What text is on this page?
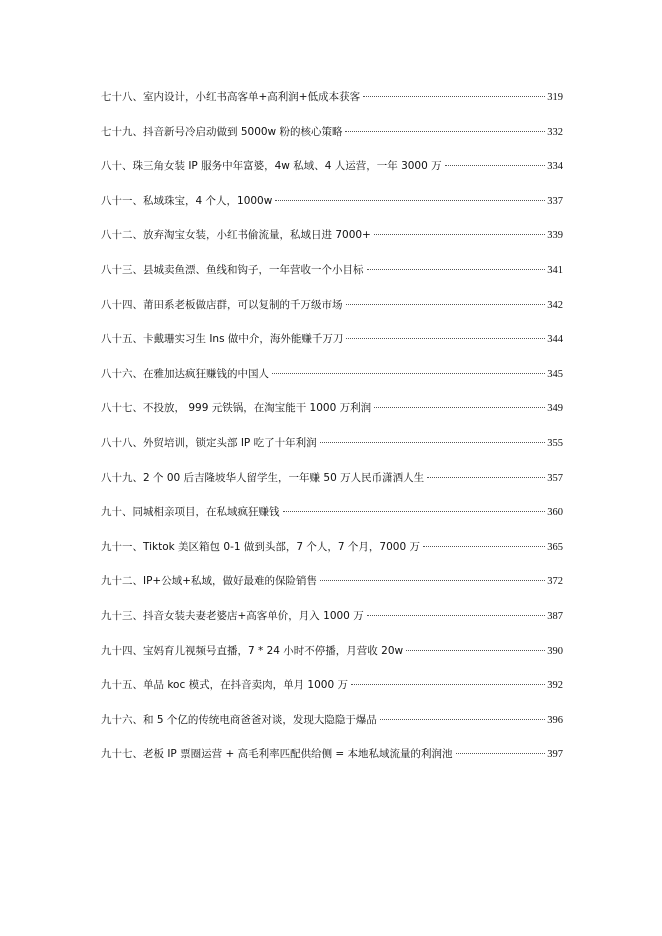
七十八、室内设计，小红书高客单+高利润+低成本获客	319
七十九、抖音新号冷启动做到 5000w 粉的核心策略	332
八十、珠三角女装 IP 服务中年富婆，4w 私域、4 人运营，一年 3000 万	334
八十一、私域珠宝，4 个人，1000w	337
八十二、放弃淘宝女装，小红书偷流量，私域日进 7000+	339
八十三、县城卖鱼漂、鱼线和钩子，一年营收一个小目标	341
八十四、莆田系老板做店群，可以复制的千万级市场	342
八十五、卡戴珊实习生 Ins 做中介，海外能赚千万刀	344
八十六、在雅加达疯狂赚钱的中国人	345
八十七、不投放， 999 元铁锅，在淘宝能干 1000 万利润	349
八十八、外贸培训，锁定头部 IP 吃了十年利润	355
八十九、2 个 00 后吉隆坡华人留学生，一年赚 50 万人民币潇洒人生	357
九十、同城相亲项目，在私域疯狂赚钱	360
九十一、Tiktok 美区箱包 0-1 做到头部，7 个人，7 个月，7000 万	365
九十二、IP+公域+私域，做好最难的保险销售	372
九十三、抖音女装夫妻老婆店+高客单价，月入 1000 万	387
九十四、宝妈育儿视频号直播，7 * 24 小时不停播，月营收 20w	390
九十五、单品 koc 模式，在抖音卖肉，单月 1000 万	392
九十六、和 5 个亿的传统电商爸爸对谈，发现大隐隐于爆品	396
九十七、老板 IP 票圈运营 + 高毛利率匹配供给侧 = 本地私域流量的利润池	397
